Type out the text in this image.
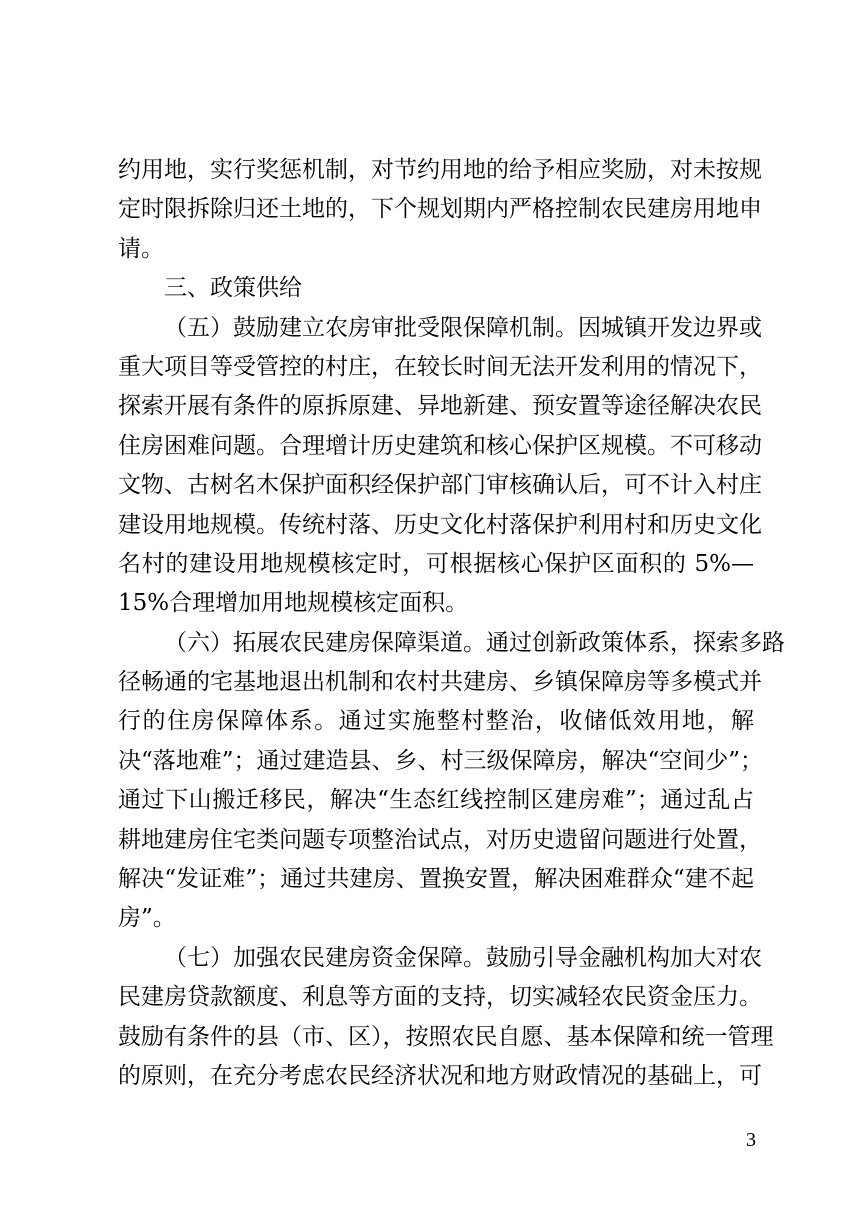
约用地，实行奖惩机制，对节约用地的给予相应奖励，对未按规
定时限拆除归还土地的，下个规划期内严格控制农民建房用地申
请。
三、政策供给
（五）鼓励建立农房审批受限保障机制。因城镇开发边界或
重大项目等受管控的村庄，在较长时间无法开发利用的情况下，
探索开展有条件的原拆原建、异地新建、预安置等途径解决农民
住房困难问题。合理增计历史建筑和核心保护区规模。不可移动
文物、古树名木保护面积经保护部门审核确认后，可不计入村庄
建设用地规模。传统村落、历史文化村落保护利用村和历史文化
名村的建设用地规模核定时，可根据核心保护区面积的 5%—
15%合理增加用地规模核定面积。
（六）拓展农民建房保障渠道。通过创新政策体系，探索多路
径畅通的宅基地退出机制和农村共建房、乡镇保障房等多模式并
行的住房保障体系。通过实施整村整治，收储低效用地，解
决“落地难”；通过建造县、乡、村三级保障房，解决“空间少”；
通过下山搬迁移民，解决“生态红线控制区建房难”；通过乱占
耕地建房住宅类问题专项整治试点，对历史遗留问题进行处置，
解决“发证难”；通过共建房、置换安置，解决困难群众“建不起
房”。
（七）加强农民建房资金保障。鼓励引导金融机构加大对农
民建房贷款额度、利息等方面的支持，切实减轻农民资金压力。
鼓励有条件的县（市、区），按照农民自愿、基本保障和统一管理
的原则，在充分考虑农民经济状况和地方财政情况的基础上，可
3
